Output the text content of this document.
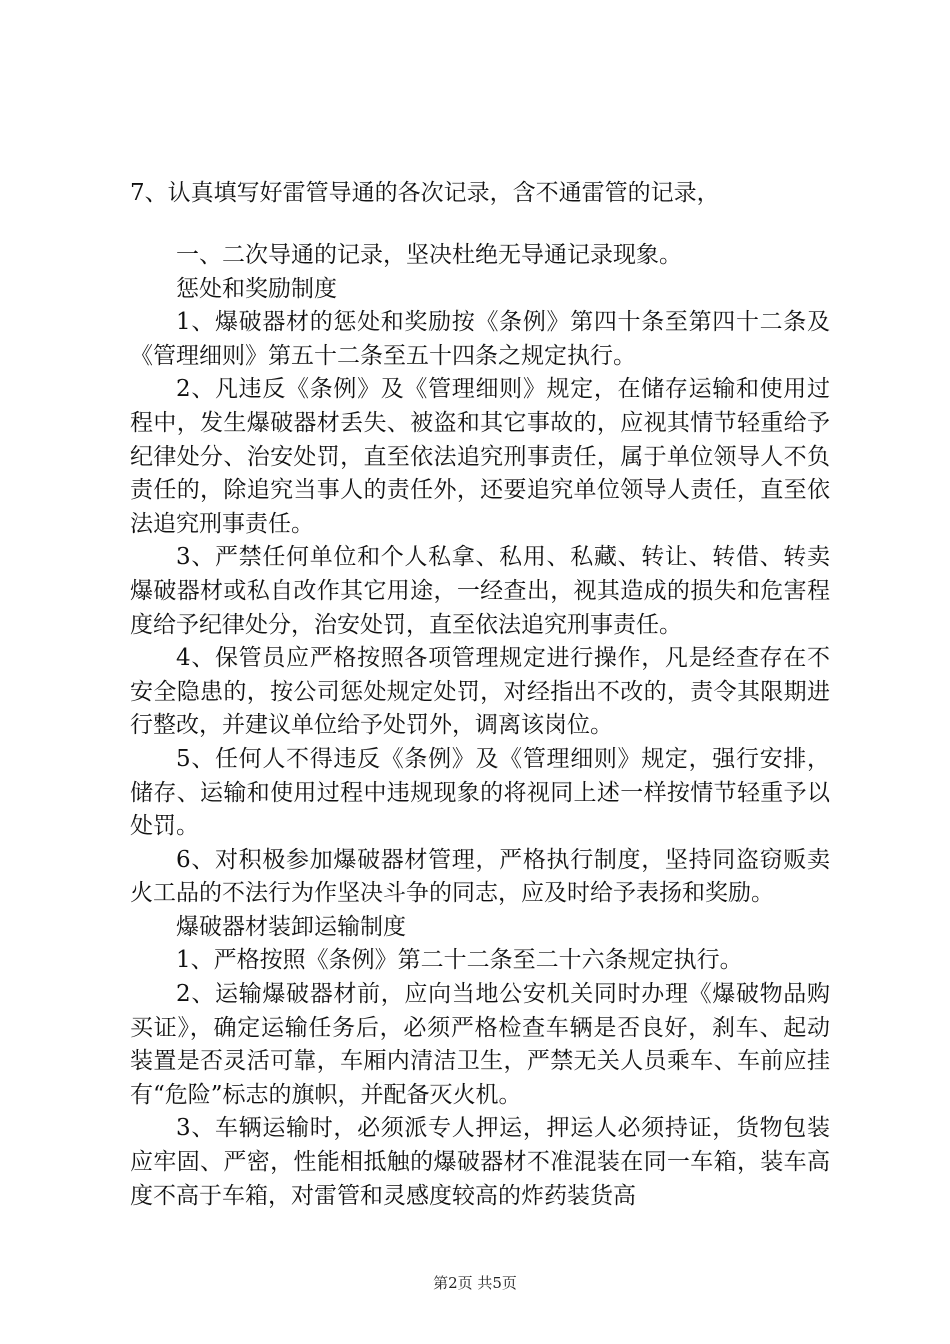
7、认真填写好雷管导通的各次记录，含不通雷管的记录，

一、二次导通的记录，坚决杜绝无导通记录现象。

惩处和奖励制度

1、爆破器材的惩处和奖励按《条例》第四十条至第四十二条及《管理细则》第五十二条至五十四条之规定执行。

2、凡违反《条例》及《管理细则》规定，在储存运输和使用过程中，发生爆破器材丢失、被盗和其它事故的，应视其情节轻重给予纪律处分、治安处罚，直至依法追究刑事责任，属于单位领导人不负责任的，除追究当事人的责任外，还要追究单位领导人责任，直至依法追究刑事责任。

3、严禁任何单位和个人私拿、私用、私藏、转让、转借、转卖爆破器材或私自改作其它用途，一经查出，视其造成的损失和危害程度给予纪律处分，治安处罚，直至依法追究刑事责任。

4、保管员应严格按照各项管理规定进行操作，凡是经查存在不安全隐患的，按公司惩处规定处罚，对经指出不改的，责令其限期进行整改，并建议单位给予处罚外，调离该岗位。

5、任何人不得违反《条例》及《管理细则》规定，强行安排，储存、运输和使用过程中违规现象的将视同上述一样按情节轻重予以处罚。

6、对积极参加爆破器材管理，严格执行制度，坚持同盗窃贩卖火工品的不法行为作坚决斗争的同志，应及时给予表扬和奖励。

爆破器材装卸运输制度

1、严格按照《条例》第二十二条至二十六条规定执行。

2、运输爆破器材前，应向当地公安机关同时办理《爆破物品购买证》，确定运输任务后，必须严格检查车辆是否良好，刹车、起动装置是否灵活可靠，车厢内清洁卫生，严禁无关人员乘车、车前应挂有“危险”标志的旗帜，并配备灭火机。

3、车辆运输时，必须派专人押运，押运人必须持证，货物包装应牢固、严密，性能相抵触的爆破器材不准混装在同一车箱，装车高度不高于车箱，对雷管和灵感度较高的炸药装货高

第2页 共5页
